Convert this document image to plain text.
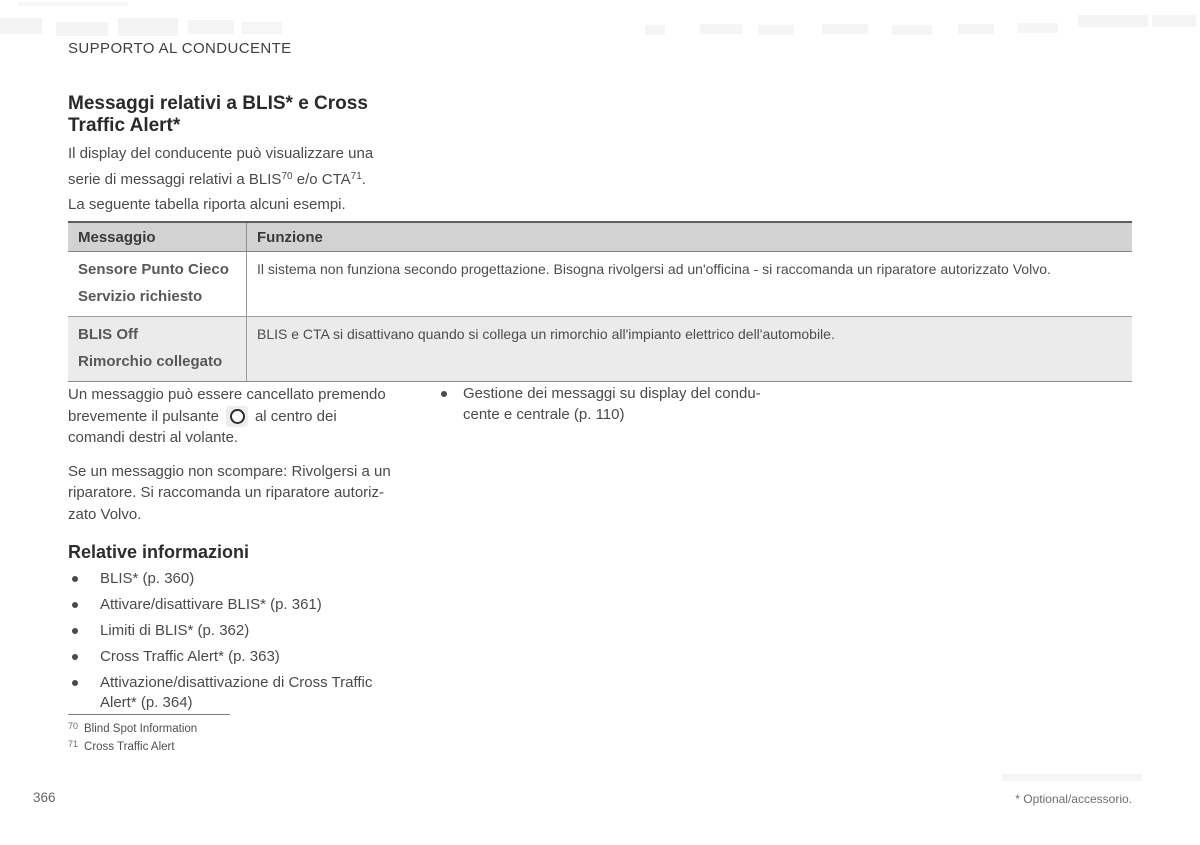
SUPPORTO AL CONDUCENTE
Messaggi relativi a BLIS* e Cross
Traffic Alert*
Il display del conducente può visualizzare una
serie di messaggi relativi a BLIS$^{70}$ e/o CTA$^{71}$.
La seguente tabella riporta alcuni esempi.
Messaggio	Funzione
Sensore Punto Cieco
Servizio richiesto
Il sistema non funziona secondo progettazione. Bisogna rivolgersi ad un'officina - si raccomanda un riparatore autorizzato Volvo.
BLIS Off
Rimorchio collegato
BLIS e CTA si disattivano quando si collega un rimorchio all'impianto elettrico dell'automobile.

Un messaggio può essere cancellato premendo
brevemente il pulsante al centro dei
comandi destri al volante.

Se un messaggio non scompare: Rivolgersi a un
riparatore. Si raccomanda un riparatore autoriz-
zato Volvo.

Relative informazioni
BLIS* (p. 360)
Attivare/disattivare BLIS* (p. 361)
Limiti di BLIS* (p. 362)
Cross Traffic Alert* (p. 363)
Attivazione/disattivazione di Cross Traffic
Alert* (p. 364)
Gestione dei messaggi su display del condu-
cente e centrale (p. 110)
$^{70}$ Blind Spot Information
$^{71}$ Cross Traffic Alert
366	* Optional/accessorio.
